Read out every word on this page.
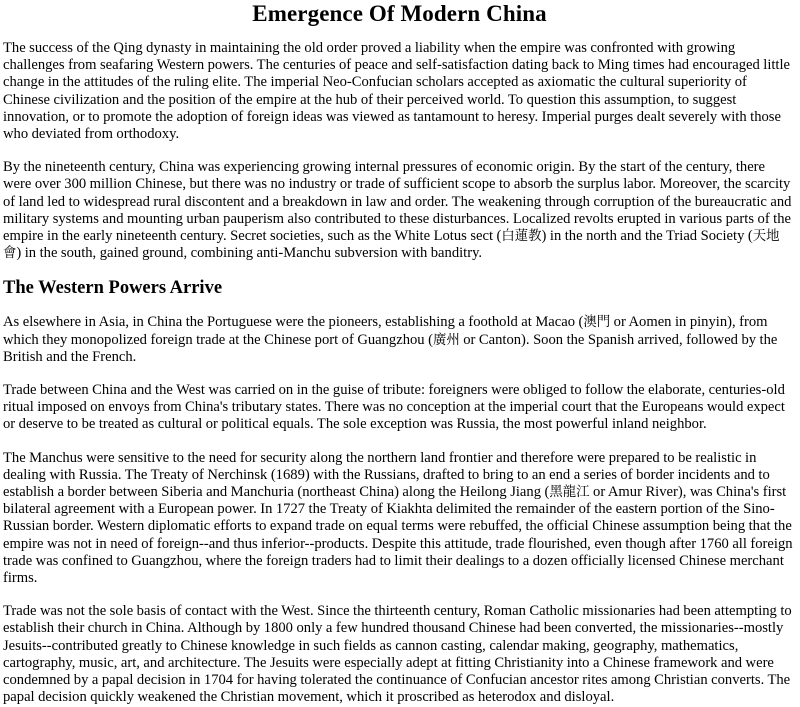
Emergence Of Modern China

The success of the Qing dynasty in maintaining the old order proved a liability when the empire was confronted with growing challenges from seafaring Western powers. The centuries of peace and self-satisfaction dating back to Ming times had encouraged little change in the attitudes of the ruling elite. The imperial Neo-Confucian scholars accepted as axiomatic the cultural superiority of Chinese civilization and the position of the empire at the hub of their perceived world. To question this assumption, to suggest innovation, or to promote the adoption of foreign ideas was viewed as tantamount to heresy. Imperial purges dealt severely with those who deviated from orthodoxy.

By the nineteenth century, China was experiencing growing internal pressures of economic origin. By the start of the century, there were over 300 million Chinese, but there was no industry or trade of sufficient scope to absorb the surplus labor. Moreover, the scarcity of land led to widespread rural discontent and a breakdown in law and order. The weakening through corruption of the bureaucratic and military systems and mounting urban pauperism also contributed to these disturbances. Localized revolts erupted in various parts of the empire in the early nineteenth century. Secret societies, such as the White Lotus sect (白蓮教) in the north and the Triad Society (天地會) in the south, gained ground, combining anti-Manchu subversion with banditry.

The Western Powers Arrive

As elsewhere in Asia, in China the Portuguese were the pioneers, establishing a foothold at Macao (澳門 or Aomen in pinyin), from which they monopolized foreign trade at the Chinese port of Guangzhou (廣州 or Canton). Soon the Spanish arrived, followed by the British and the French.

Trade between China and the West was carried on in the guise of tribute: foreigners were obliged to follow the elaborate, centuries-old ritual imposed on envoys from China's tributary states. There was no conception at the imperial court that the Europeans would expect or deserve to be treated as cultural or political equals. The sole exception was Russia, the most powerful inland neighbor.

The Manchus were sensitive to the need for security along the northern land frontier and therefore were prepared to be realistic in dealing with Russia. The Treaty of Nerchinsk (1689) with the Russians, drafted to bring to an end a series of border incidents and to establish a border between Siberia and Manchuria (northeast China) along the Heilong Jiang (黑龍江 or Amur River), was China's first bilateral agreement with a European power. In 1727 the Treaty of Kiakhta delimited the remainder of the eastern portion of the Sino-Russian border. Western diplomatic efforts to expand trade on equal terms were rebuffed, the official Chinese assumption being that the empire was not in need of foreign--and thus inferior--products. Despite this attitude, trade flourished, even though after 1760 all foreign trade was confined to Guangzhou, where the foreign traders had to limit their dealings to a dozen officially licensed Chinese merchant firms.

Trade was not the sole basis of contact with the West. Since the thirteenth century, Roman Catholic missionaries had been attempting to establish their church in China. Although by 1800 only a few hundred thousand Chinese had been converted, the missionaries--mostly Jesuits--contributed greatly to Chinese knowledge in such fields as cannon casting, calendar making, geography, mathematics, cartography, music, art, and architecture. The Jesuits were especially adept at fitting Christianity into a Chinese framework and were condemned by a papal decision in 1704 for having tolerated the continuance of Confucian ancestor rites among Christian converts. The papal decision quickly weakened the Christian movement, which it proscribed as heterodox and disloyal.
